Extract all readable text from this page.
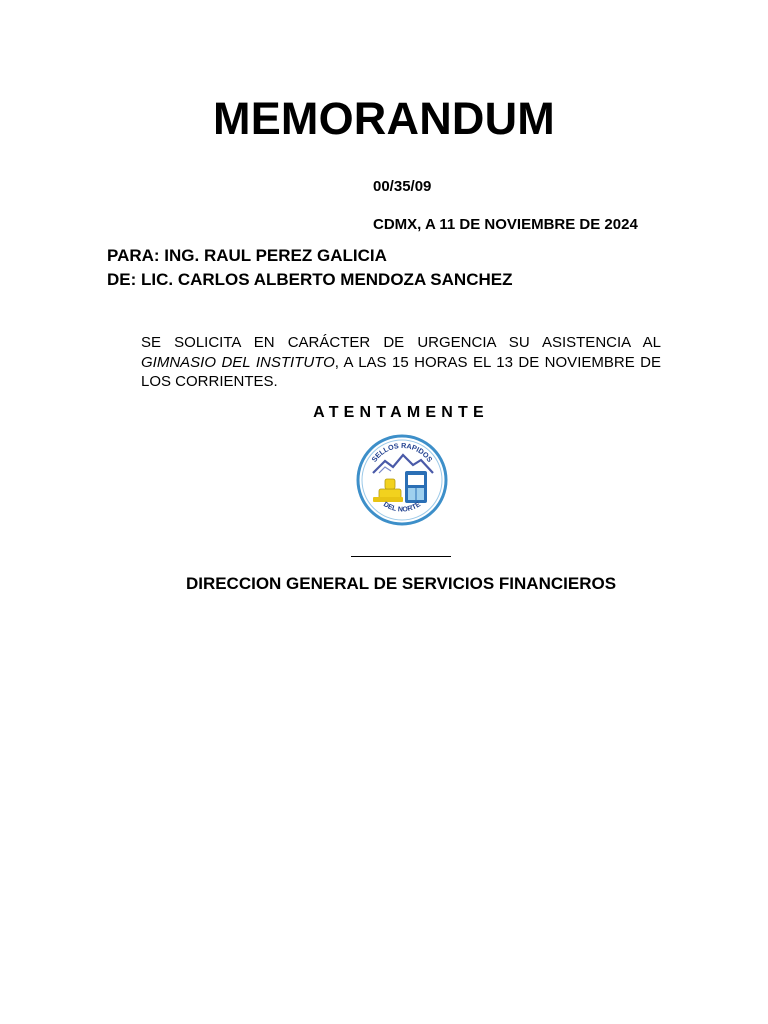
MEMORANDUM
00/35/09
CDMX, A 11 DE NOVIEMBRE DE 2024
PARA: ING. RAUL PEREZ GALICIA
DE: LIC. CARLOS ALBERTO MENDOZA SANCHEZ
SE SOLICITA EN CARÁCTER DE URGENCIA SU ASISTENCIA AL GIMNASIO DEL INSTITUTO, A LAS 15 HORAS EL 13 DE NOVIEMBRE DE LOS CORRIENTES.
ATENTAMENTE
SELLOS RAPIDOS
DEL NORTE
DIRECCION GENERAL DE SERVICIOS FINANCIEROS
